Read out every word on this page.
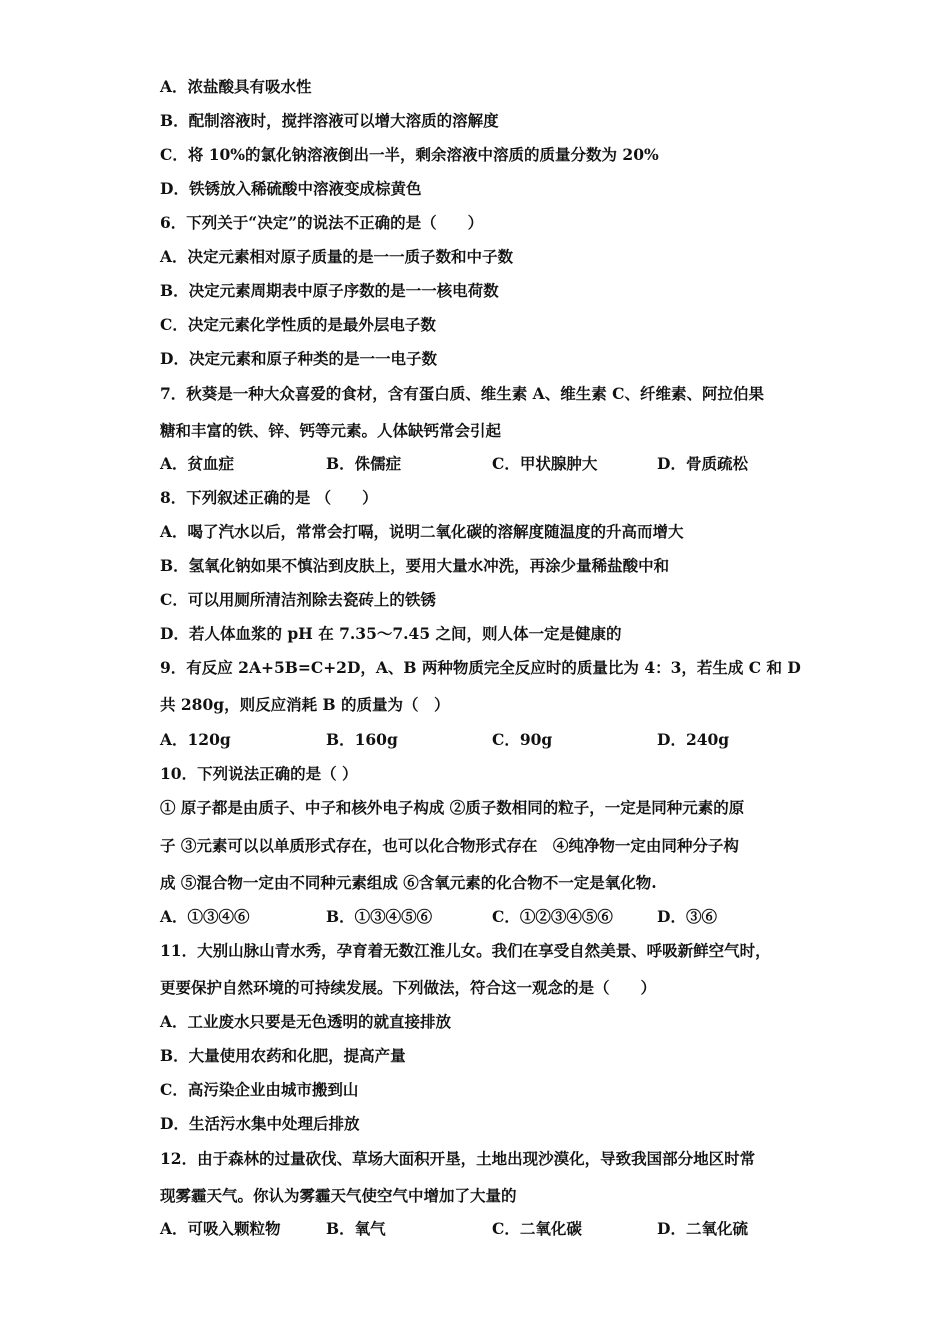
A．浓盐酸具有吸水性
B．配制溶液时，搅拌溶液可以增大溶质的溶解度
C．将 10%的氯化钠溶液倒出一半，剩余溶液中溶质的质量分数为 20%
D．铁锈放入稀硫酸中溶液变成棕黄色
6．下列关于“决定”的说法不正确的是（　　）
A．决定元素相对原子质量的是一一质子数和中子数
B．决定元素周期表中原子序数的是一一核电荷数
C．决定元素化学性质的是最外层电子数
D．决定元素和原子种类的是一一电子数
7．秋葵是一种大众喜爱的食材，含有蛋白质、维生素 A、维生素 C、纤维素、阿拉伯果
糖和丰富的铁、锌、钙等元素。人体缺钙常会引起
A．贫血症	B．侏儒症	C．甲状腺肿大	D．骨质疏松
8．下列叙述正确的是 （　　）
A．喝了汽水以后，常常会打嗝，说明二氧化碳的溶解度随温度的升高而增大
B．氢氧化钠如果不慎沾到皮肤上，要用大量水冲洗，再涂少量稀盐酸中和
C．可以用厕所清洁剂除去瓷砖上的铁锈
D．若人体血浆的 pH 在 7.35～7.45 之间，则人体一定是健康的
9．有反应 2A+5B=C+2D，A、B 两种物质完全反应时的质量比为 4：3，若生成 C 和 D
共 280g，则反应消耗 B 的质量为（　）
A．120g	B．160g	C．90g	D．240g
10．下列说法正确的是（ ）
① 原子都是由质子、中子和核外电子构成 ②质子数相同的粒子，一定是同种元素的原
子 ③元素可以以单质形式存在，也可以化合物形式存在　④纯净物一定由同种分子构
成 ⑤混合物一定由不同种元素组成 ⑥含氧元素的化合物不一定是氧化物.
A．①③④⑥	B．①③④⑤⑥	C．①②③④⑤⑥	D．③⑥
11．大别山脉山青水秀，孕育着无数江淮儿女。我们在享受自然美景、呼吸新鲜空气时，
更要保护自然环境的可持续发展。下列做法，符合这一观念的是（　　）
A．工业废水只要是无色透明的就直接排放
B．大量使用农药和化肥，提高产量
C．高污染企业由城市搬到山
D．生活污水集中处理后排放
12．由于森林的过量砍伐、草场大面积开垦，土地出现沙漠化，导致我国部分地区时常
现雾霾天气。你认为雾霾天气使空气中增加了大量的
A．可吸入颗粒物	B．氧气	C．二氧化碳	D．二氧化硫
